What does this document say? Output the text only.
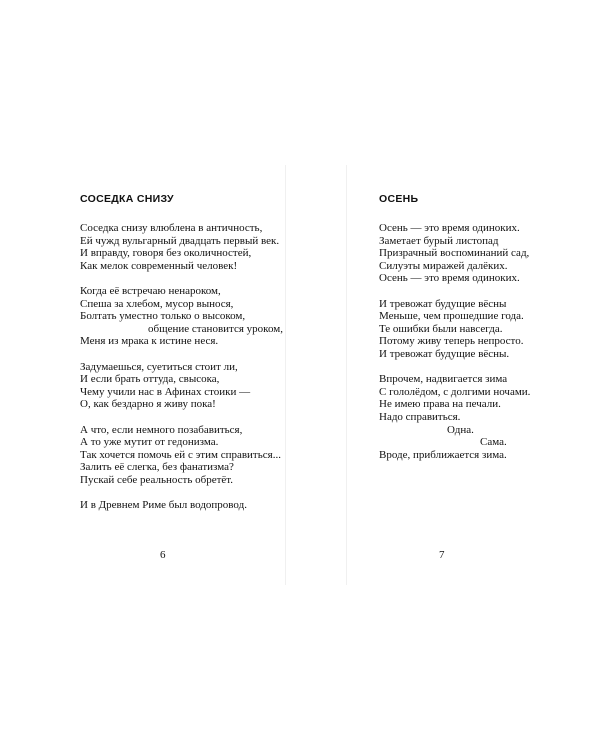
СОСЕДКА СНИЗУ
Соседка снизу влюблена в античность,
Ей чужд вульгарный двадцать первый век.
И вправду, говоря без околичностей,
Как мелок современный человек!
Когда её встречаю ненароком,
Спеша за хлебом, мусор вынося,
Болтать уместно только о высоком,
общение становится уроком,
Меня из мрака к истине неся.
Задумаешься, суетиться стоит ли,
И если брать оттуда, свысока,
Чему учили нас в Афинах стоики —
О, как бездарно я живу пока!
А что, если немного позабавиться,
А то уже мутит от гедонизма.
Так хочется помочь ей с этим справиться...
Залить её слегка, без фанатизма?
Пускай себе реальность обретёт.
И в Древнем Риме был водопровод.
6
ОСЕНЬ
Осень — это время одиноких.
Заметает бурый листопад
Призрачный воспоминаний сад,
Силуэты миражей далёких.
Осень — это время одиноких.
И тревожат будущие вёсны
Меньше, чем прошедшие года.
Те ошибки были навсегда.
Потому живу теперь непросто.
И тревожат будущие вёсны.
Впрочем, надвигается зима
С гололёдом, с долгими ночами.
Не имею права на печали.
Надо справиться.
Одна.
Сама.
Вроде, приближается зима.
7
